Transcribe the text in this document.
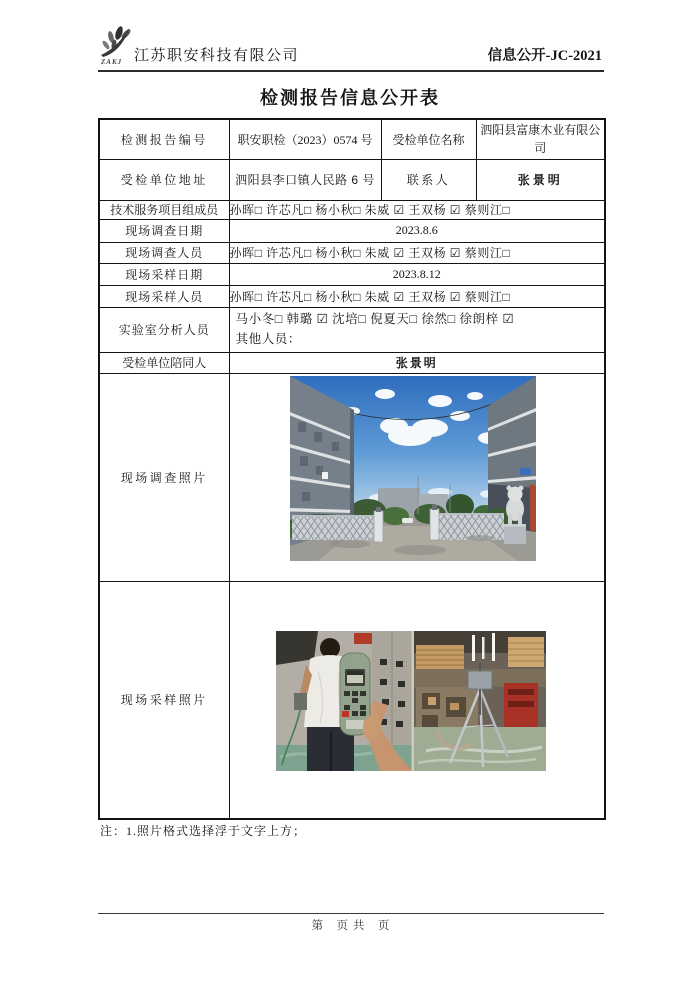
ZAKJ 江苏职安科技有限公司	信息公开-JC-2021
检测报告信息公开表
检测报告编号	职安职检（2023）0574 号	受检单位名称	泗阳县富康木业有限公司
受检单位地址	泗阳县李口镇人民路 6 号	联系人	张景明
技术服务项目组成员	孙晖□ 许芯凡□ 杨小秋□ 朱威 ☑ 王双杨 ☑ 蔡则江□		
现场调查日期	2023.8.6		
现场调查人员	孙晖□ 许芯凡□ 杨小秋□ 朱威 ☑ 王双杨 ☑ 蔡则江□		
现场采样日期	2023.8.12		
现场采样人员	孙晖□ 许芯凡□ 杨小秋□ 朱威 ☑ 王双杨 ☑ 蔡则江□		
实验室分析人员	马小冬□ 韩璐 ☑ 沈培□ 倪夏天□ 徐然□ 徐朗梓 ☑
其他人员：		

受检单位陪同人	张景明		
现场调查照片	

现场采样照片	
注：1.照片格式选择浮于文字上方；
第　页 共　页
